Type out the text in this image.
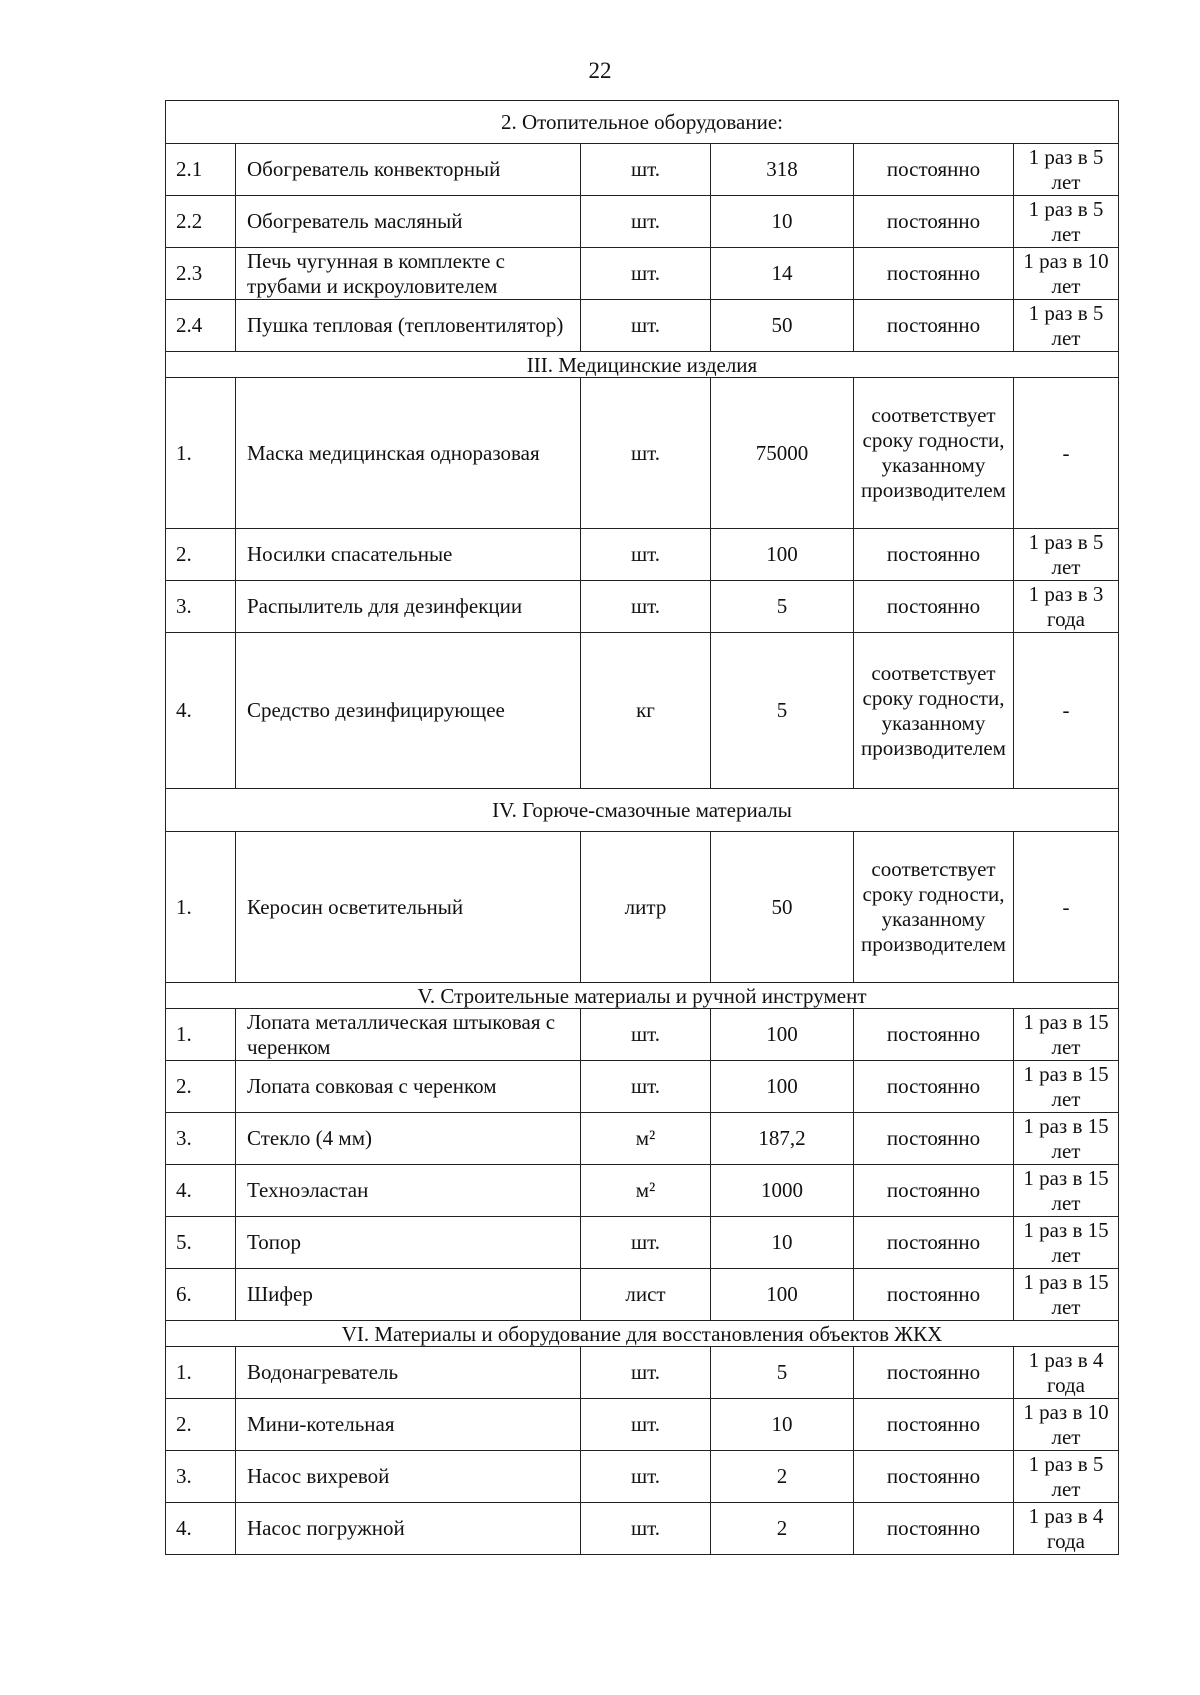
22
2. Отопительное оборудование:					
2.1	Обогреватель конвекторный	шт.	318	постоянно	1 раз в 5 лет
2.2	Обогреватель масляный	шт.	10	постоянно	1 раз в 5 лет
2.3	Печь чугунная в комплекте с трубами и искроуловителем	шт.	14	постоянно	1 раз в 10 лет
2.4	Пушка тепловая (тепловентилятор)	шт.	50	постоянно	1 раз в 5 лет
III. Медицинские изделия					
1.	Маска медицинская одноразовая	шт.	75000	соответствует сроку годности, указанному производителем	-
2.	Носилки спасательные	шт.	100	постоянно	1 раз в 5 лет
3.	Распылитель для дезинфекции	шт.	5	постоянно	1 раз в 3 года
4.	Средство дезинфицирующее	кг	5	соответствует сроку годности, указанному производителем	-
IV. Горюче-смазочные материалы					
1.	Керосин осветительный	литр	50	соответствует сроку годности, указанному производителем	-
V. Строительные материалы и ручной инструмент					
1.	Лопата металлическая штыковая с черенком	шт.	100	постоянно	1 раз в 15 лет
2.	Лопата совковая с черенком	шт.	100	постоянно	1 раз в 15 лет
3.	Стекло (4 мм)	м²	187,2	постоянно	1 раз в 15 лет
4.	Техноэластан	м²	1000	постоянно	1 раз в 15 лет
5.	Топор	шт.	10	постоянно	1 раз в 15 лет
6.	Шифер	лист	100	постоянно	1 раз в 15 лет
VI. Материалы и оборудование для восстановления объектов ЖКХ					
1.	Водонагреватель	шт.	5	постоянно	1 раз в 4 года
2.	Мини-котельная	шт.	10	постоянно	1 раз в 10 лет
3.	Насос вихревой	шт.	2	постоянно	1 раз в 5 лет
4.	Насос погружной	шт.	2	постоянно	1 раз в 4 года
